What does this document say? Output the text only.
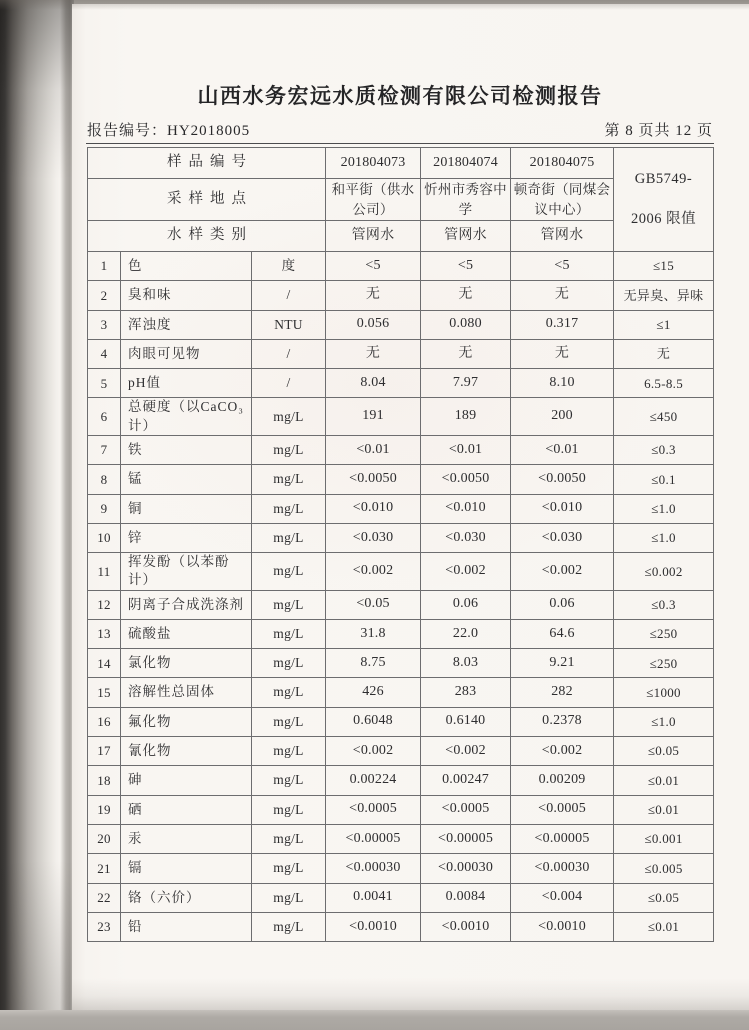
山西水务宏远水质检测有限公司检测报告
报告编号：HY2018005	第 8 页共 12 页
样品编号			201804073	201804074	201804075	GB5749-
2006 限值

采样地点			和平街（供水公司）	忻州市秀容中学	顿奇街（同煤会议中心）	
水样类别			管网水	管网水	管网水	
1	色	度	<5	<5	<5	≤15
2	臭和味	/	无	无	无	无异臭、异味
3	浑浊度	NTU	0.056	0.080	0.317	≤1
4	肉眼可见物	/	无	无	无	无
5	pH值	/	8.04	7.97	8.10	6.5-8.5
6	总硬度（以CaCO₃计）	mg/L	191	189	200	≤450
7	铁	mg/L	<0.01	<0.01	<0.01	≤0.3
8	锰	mg/L	<0.0050	<0.0050	<0.0050	≤0.1
9	铜	mg/L	<0.010	<0.010	<0.010	≤1.0
10	锌	mg/L	<0.030	<0.030	<0.030	≤1.0
11	挥发酚（以苯酚计）	mg/L	<0.002	<0.002	<0.002	≤0.002
12	阴离子合成洗涤剂	mg/L	<0.05	0.06	0.06	≤0.3
13	硫酸盐	mg/L	31.8	22.0	64.6	≤250
14	氯化物	mg/L	8.75	8.03	9.21	≤250
15	溶解性总固体	mg/L	426	283	282	≤1000
16	氟化物	mg/L	0.6048	0.6140	0.2378	≤1.0
17	氰化物	mg/L	<0.002	<0.002	<0.002	≤0.05
18	砷	mg/L	0.00224	0.00247	0.00209	≤0.01
19	硒	mg/L	<0.0005	<0.0005	<0.0005	≤0.01
20	汞	mg/L	<0.00005	<0.00005	<0.00005	≤0.001
21	镉	mg/L	<0.00030	<0.00030	<0.00030	≤0.005
22	铬（六价）	mg/L	0.0041	0.0084	<0.004	≤0.05
23	铅	mg/L	<0.0010	<0.0010	<0.0010	≤0.01
